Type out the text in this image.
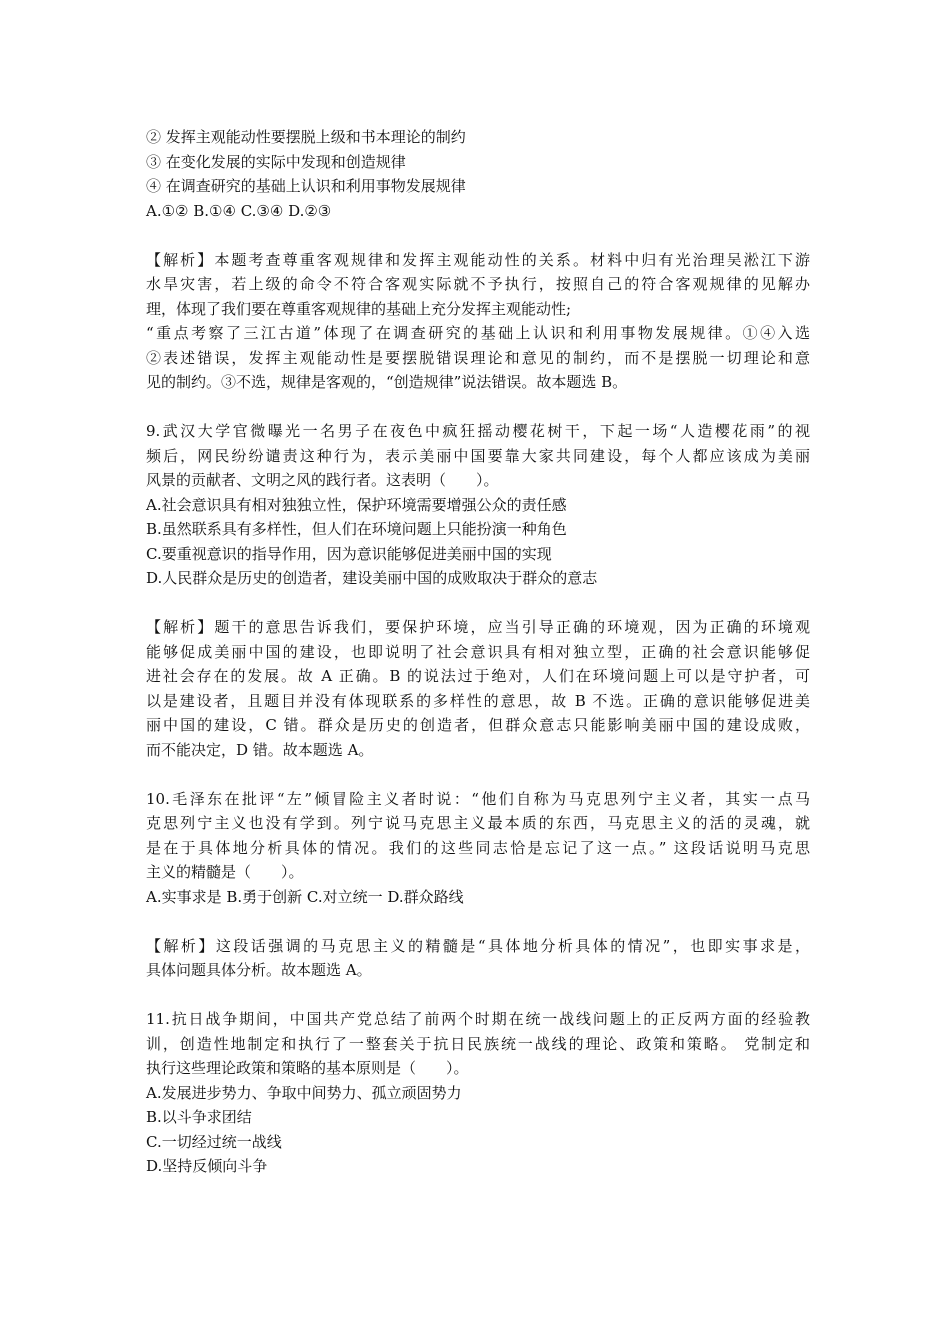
② 发挥主观能动性要摆脱上级和书本理论的制约

③ 在变化发展的实际中发现和创造规律

④ 在调查研究的基础上认识和利用事物发展规律

A.①② B.①④ C.③④ D.②③

【解析】本题考查尊重客观规律和发挥主观能动性的关系。材料中归有光治理吴淞江下游

水旱灾害，若上级的命令不符合客观实际就不予执行，按照自己的符合客观规律的见解办

理，体现了我们要在尊重客观规律的基础上充分发挥主观能动性;

“重点考察了三江古道”体现了在调查研究的基础上认识和利用事物发展规律。①④入选

②表述错误，发挥主观能动性是要摆脱错误理论和意见的制约，而不是摆脱一切理论和意

见的制约。③不选，规律是客观的，“创造规律”说法错误。故本题选 B。

9.武汉大学官微曝光一名男子在夜色中疯狂摇动樱花树干，下起一场“人造樱花雨”的视

频后，网民纷纷谴责这种行为，表示美丽中国要靠大家共同建设，每个人都应该成为美丽

风景的贡献者、文明之风的践行者。这表明（　　）。

A.社会意识具有相对独独立性，保护环境需要增强公众的责任感

B.虽然联系具有多样性，但人们在环境问题上只能扮演一种角色

C.要重视意识的指导作用，因为意识能够促进美丽中国的实现

D.人民群众是历史的创造者，建设美丽中国的成败取决于群众的意志

【解析】题干的意思告诉我们，要保护环境，应当引导正确的环境观，因为正确的环境观

能够促成美丽中国的建设，也即说明了社会意识具有相对独立型，正确的社会意识能够促

进社会存在的发展。故 A 正确。B 的说法过于绝对，人们在环境问题上可以是守护者，可

以是建设者，且题目并没有体现联系的多样性的意思，故 B 不选。正确的意识能够促进美

丽中国的建设，C 错。群众是历史的创造者，但群众意志只能影响美丽中国的建设成败，

而不能决定，D 错。故本题选 A。

10.毛泽东在批评“左”倾冒险主义者时说：“他们自称为马克思列宁主义者，其实一点马

克思列宁主义也没有学到。列宁说马克思主义最本质的东西，马克思主义的活的灵魂，就

是在于具体地分析具体的情况。我们的这些同志恰是忘记了这一点。” 这段话说明马克思

主义的精髓是（　　）。

A.实事求是 B.勇于创新 C.对立统一 D.群众路线

【解析】这段话强调的马克思主义的精髓是“具体地分析具体的情况”，也即实事求是，

具体问题具体分析。故本题选 A。

11.抗日战争期间，中国共产党总结了前两个时期在统一战线问题上的正反两方面的经验教

训，创造性地制定和执行了一整套关于抗日民族统一战线的理论、政策和策略。 党制定和

执行这些理论政策和策略的基本原则是（　　）。

A.发展进步势力、争取中间势力、孤立顽固势力

B.以斗争求团结

C.一切经过统一战线

D.坚持反倾向斗争
